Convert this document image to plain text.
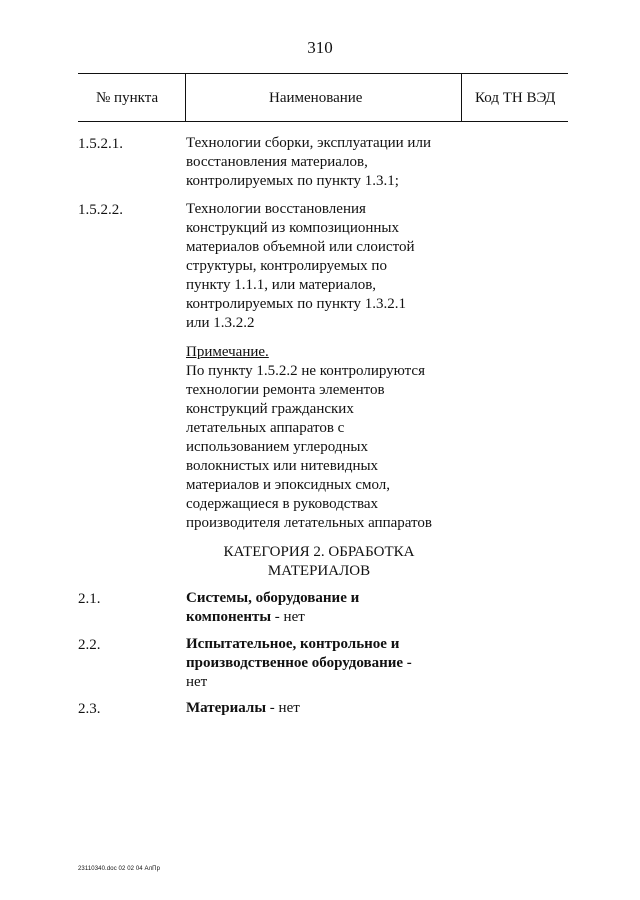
310
№ пункта	Наименование	Код ТН ВЭД
1.5.2.1.	Технологии сборки, эксплуатации или
восстановления материалов,
контролируемых по пункту 1.3.1;
1.5.2.2.	Технологии восстановления
конструкций из композиционных
материалов объемной или слоистой
структуры, контролируемых по
пункту 1.1.1, или материалов,
контролируемых по пункту 1.3.2.1
или 1.3.2.2
Примечание.
По пункту 1.5.2.2 не контролируются
технологии ремонта элементов
конструкций гражданских
летательных аппаратов с
использованием углеродных
волокнистых или нитевидных
материалов и эпоксидных смол,
содержащиеся в руководствах
производителя летательных аппаратов
КАТЕГОРИЯ 2. ОБРАБОТКА
МАТЕРИАЛОВ
2.1.	Системы, оборудование и
компоненты - нет
2.2.	Испытательное, контрольное и
производственное оборудование -
нет
2.3.	Материалы - нет
23110340.doc 02 02 04 АлПр
